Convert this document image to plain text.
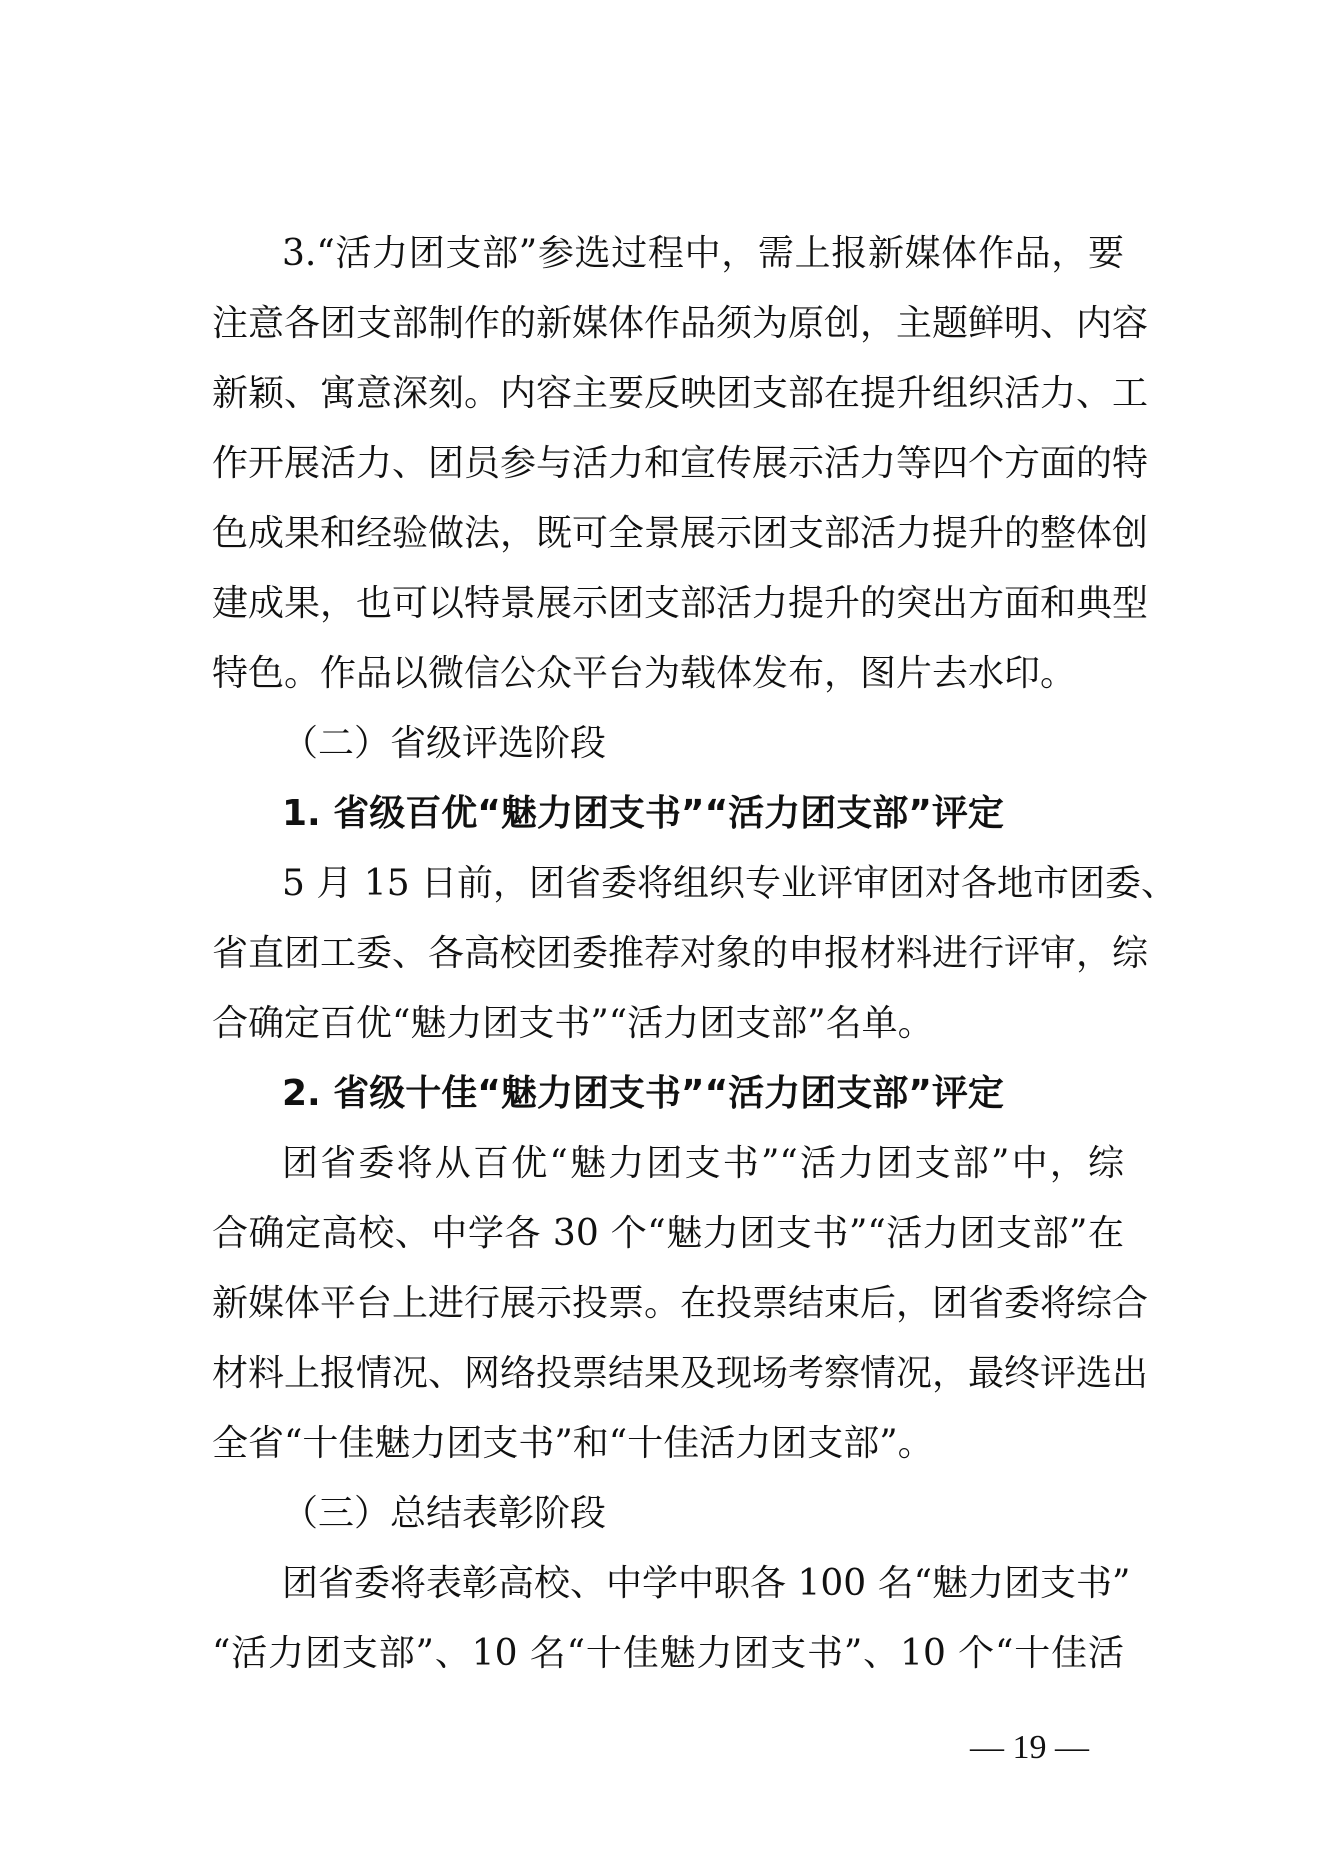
3.“活力团支部”参选过程中，需上报新媒体作品，要
注意各团支部制作的新媒体作品须为原创，主题鲜明、内容
新颖、寓意深刻。内容主要反映团支部在提升组织活力、工
作开展活力、团员参与活力和宣传展示活力等四个方面的特
色成果和经验做法，既可全景展示团支部活力提升的整体创
建成果，也可以特景展示团支部活力提升的突出方面和典型
特色。作品以微信公众平台为载体发布，图片去水印。
（二）省级评选阶段
1. 省级百优“魅力团支书”“活力团支部”评定
5 月 15 日前，团省委将组织专业评审团对各地市团委、
省直团工委、各高校团委推荐对象的申报材料进行评审，综
合确定百优“魅力团支书”“活力团支部”名单。
2. 省级十佳“魅力团支书”“活力团支部”评定
团省委将从百优“魅力团支书”“活力团支部”中，综
合确定高校、中学各 30 个“魅力团支书”“活力团支部”在
新媒体平台上进行展示投票。在投票结束后，团省委将综合
材料上报情况、网络投票结果及现场考察情况，最终评选出
全省“十佳魅力团支书”和“十佳活力团支部”。
（三）总结表彰阶段
团省委将表彰高校、中学中职各 100 名“魅力团支书”
“活力团支部”、10 名“十佳魅力团支书”、10 个“十佳活
— 19 —
